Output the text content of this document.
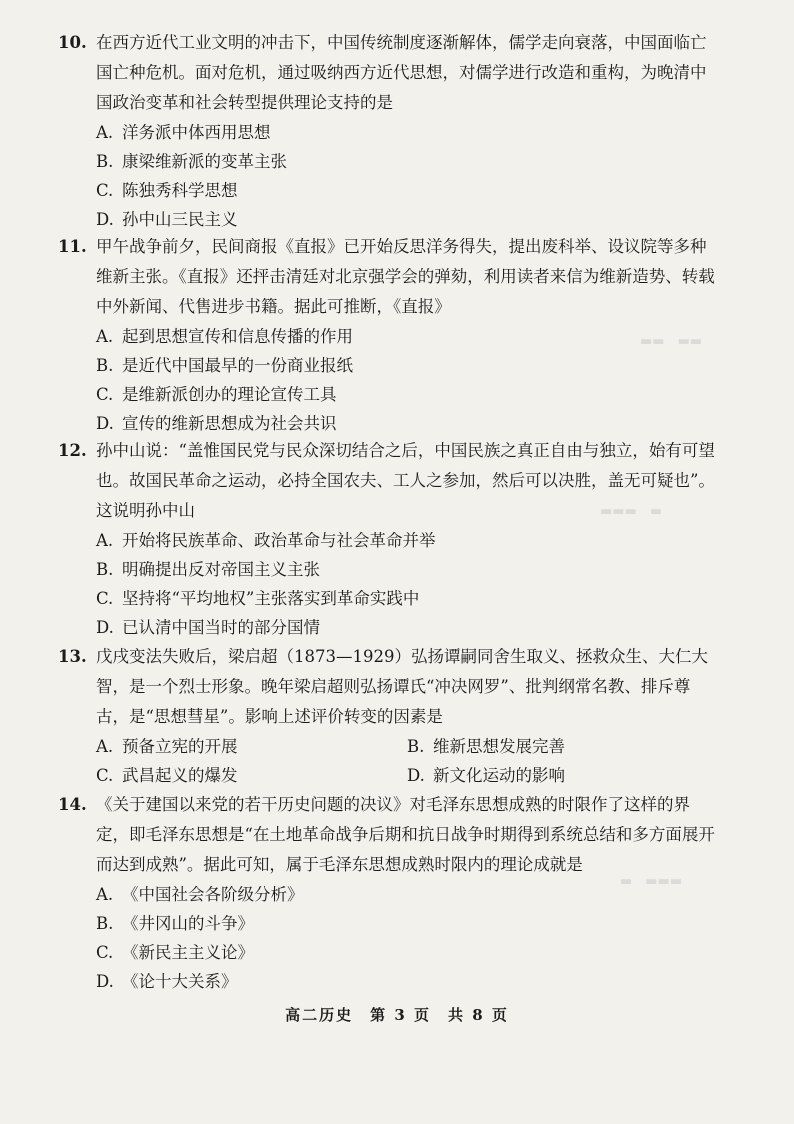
▬▬　▬▬
▬▬▬　▬
▬　▬▬▬
10. 在西方近代工业文明的冲击下，中国传统制度逐渐解体，儒学走向衰落，中国面临亡国亡种危机。面对危机，通过吸纳西方近代思想，对儒学进行改造和重构，为晚清中国政治变革和社会转型提供理论支持的是
A. 洋务派中体西用思想
B. 康梁维新派的变革主张
C. 陈独秀科学思想
D. 孙中山三民主义
11. 甲午战争前夕，民间商报《直报》已开始反思洋务得失，提出废科举、设议院等多种维新主张。《直报》还抨击清廷对北京强学会的弹劾，利用读者来信为维新造势、转载中外新闻、代售进步书籍。据此可推断，《直报》
A. 起到思想宣传和信息传播的作用
B. 是近代中国最早的一份商业报纸
C. 是维新派创办的理论宣传工具
D. 宣传的维新思想成为社会共识
12. 孙中山说：“盖惟国民党与民众深切结合之后，中国民族之真正自由与独立，始有可望也。故国民革命之运动，必持全国农夫、工人之参加，然后可以决胜，盖无可疑也”。这说明孙中山
A. 开始将民族革命、政治革命与社会革命并举
B. 明确提出反对帝国主义主张
C. 坚持将“平均地权”主张落实到革命实践中
D. 已认清中国当时的部分国情
13. 戊戌变法失败后，梁启超（1873—1929）弘扬谭嗣同舍生取义、拯救众生、大仁大智，是一个烈士形象。晚年梁启超则弘扬谭氏“冲决网罗”、批判纲常名教、排斥尊古，是“思想彗星”。影响上述评价转变的因素是
A. 预备立宪的开展	B. 维新思想发展完善
C. 武昌起义的爆发	D. 新文化运动的影响
14. 《关于建国以来党的若干历史问题的决议》对毛泽东思想成熟的时限作了这样的界定，即毛泽东思想是“在土地革命战争后期和抗日战争时期得到系统总结和多方面展开而达到成熟”。据此可知，属于毛泽东思想成熟时限内的理论成就是
A. 《中国社会各阶级分析》
B. 《井冈山的斗争》
C. 《新民主主义论》
D. 《论十大关系》
高二历史　第 3 页　共 8 页
